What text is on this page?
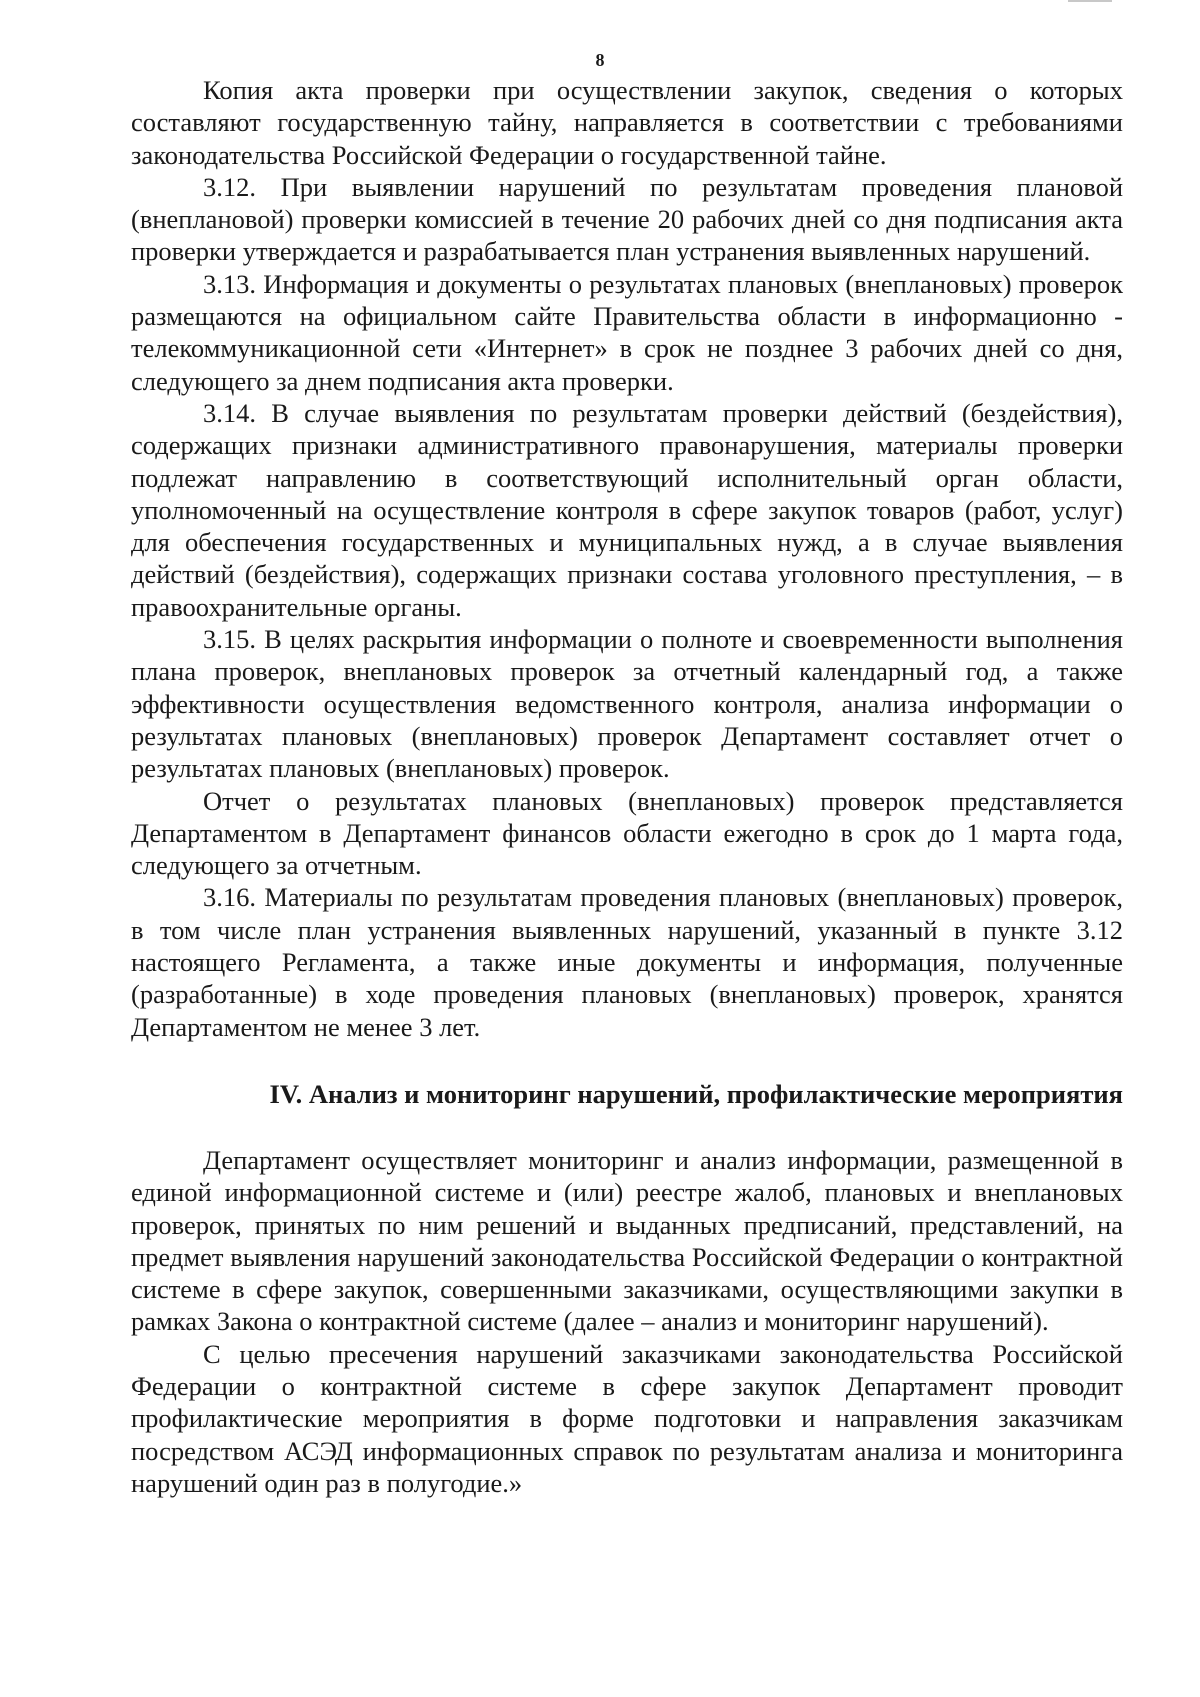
8

Копия акта проверки при осуществлении закупок, сведения о которых составляют государственную тайну, направляется в соответствии с требованиями законодательства Российской Федерации о государственной тайне.

3.12. При выявлении нарушений по результатам проведения плановой (внеплановой) проверки комиссией в течение 20 рабочих дней со дня подписания акта проверки утверждается и разрабатывается план устранения выявленных нарушений.

3.13. Информация и документы о результатах плановых (внеплановых) проверок размещаются на официальном сайте Правительства области в информационно - телекоммуникационной сети «Интернет» в срок не позднее 3 рабочих дней со дня, следующего за днем подписания акта проверки.

3.14. В случае выявления по результатам проверки действий (бездействия), содержащих признаки административного правонарушения, материалы проверки подлежат направлению в соответствующий исполнительный орган области, уполномоченный на осуществление контроля в сфере закупок товаров (работ, услуг) для обеспечения государственных и муниципальных нужд, а в случае выявления действий (бездействия), содержащих признаки состава уголовного преступления, – в правоохранительные органы.

3.15. В целях раскрытия информации о полноте и своевременности выполнения плана проверок, внеплановых проверок за отчетный календарный год, а также эффективности осуществления ведомственного контроля, анализа информации о результатах плановых (внеплановых) проверок Департамент составляет отчет о результатах плановых (внеплановых) проверок.

Отчет о результатах плановых (внеплановых) проверок представляется Департаментом в Департамент финансов области ежегодно в срок до 1 марта года, следующего за отчетным.

3.16. Материалы по результатам проведения плановых (внеплановых) проверок, в том числе план устранения выявленных нарушений, указанный в пункте 3.12 настоящего Регламента, а также иные документы и информация, полученные (разработанные) в ходе проведения плановых (внеплановых) проверок, хранятся Департаментом не менее 3 лет.

IV. Анализ и мониторинг нарушений, профилактические мероприятия

Департамент осуществляет мониторинг и анализ информации, размещенной в единой информационной системе и (или) реестре жалоб, плановых и внеплановых проверок, принятых по ним решений и выданных предписаний, представлений, на предмет выявления нарушений законодательства Российской Федерации о контрактной системе в сфере закупок, совершенными заказчиками, осуществляющими закупки в рамках Закона о контрактной системе (далее – анализ и мониторинг нарушений).

С целью пресечения нарушений заказчиками законодательства Российской Федерации о контрактной системе в сфере закупок Департамент проводит профилактические мероприятия в форме подготовки и направления заказчикам посредством АСЭД информационных справок по результатам анализа и мониторинга нарушений один раз в полугодие.»
